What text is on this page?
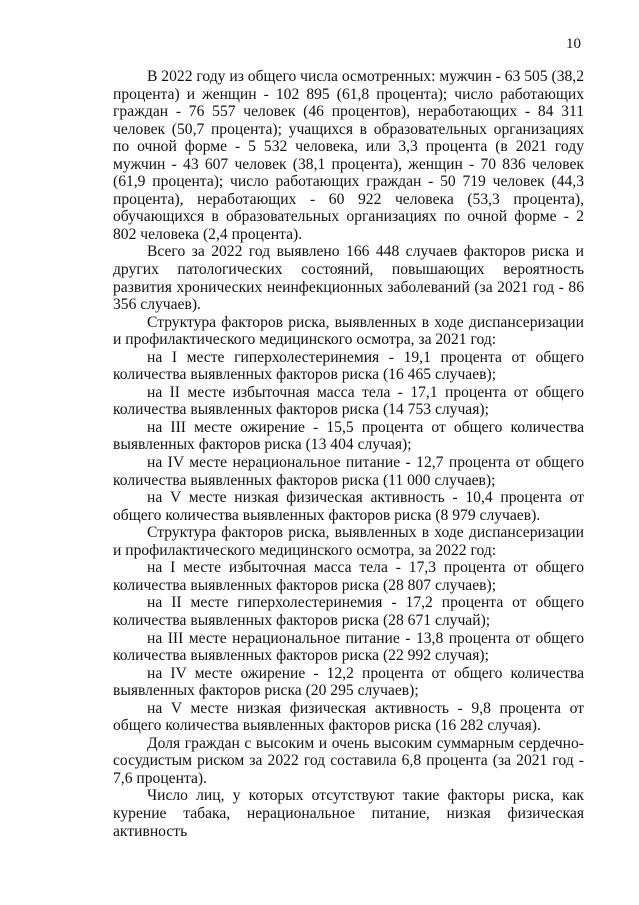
10

В 2022 году из общего числа осмотренных: мужчин - 63 505 (38,2 процента) и женщин - 102 895 (61,8 процента); число работающих граждан - 76 557 человек (46 процентов), неработающих - 84 311 человек (50,7 процента); учащихся в образовательных организациях по очной форме - 5 532 человека, или 3,3 процента (в 2021 году мужчин - 43 607 человек (38,1 процента), женщин - 70 836 человек (61,9 процента); число работающих граждан - 50 719 человек (44,3 процента), неработающих - 60 922 человека (53,3 процента), обучающихся в образовательных организациях по очной форме - 2 802 человека (2,4 процента).

Всего за 2022 год выявлено 166 448 случаев факторов риска и других патологических состояний, повышающих вероятность развития хронических неинфекционных заболеваний (за 2021 год - 86 356 случаев).

Структура факторов риска, выявленных в ходе диспансеризации и профилактического медицинского осмотра, за 2021 год:

на I месте гиперхолестеринемия - 19,1 процента от общего количества выявленных факторов риска (16 465 случаев);

на II месте избыточная масса тела - 17,1 процента от общего количества выявленных факторов риска (14 753 случая);

на III месте ожирение - 15,5 процента от общего количества выявленных факторов риска (13 404 случая);

на IV месте нерациональное питание - 12,7 процента от общего количества выявленных факторов риска (11 000 случаев);

на V месте низкая физическая активность - 10,4 процента от общего количества выявленных факторов риска (8 979 случаев).

Структура факторов риска, выявленных в ходе диспансеризации и профилактического медицинского осмотра, за 2022 год:

на I месте избыточная масса тела - 17,3 процента от общего количества выявленных факторов риска (28 807 случаев);

на II месте гиперхолестеринемия - 17,2 процента от общего количества выявленных факторов риска (28 671 случай);

на III месте нерациональное питание - 13,8 процента от общего количества выявленных факторов риска (22 992 случая);

на IV месте ожирение - 12,2 процента от общего количества выявленных факторов риска (20 295 случаев);

на V месте низкая физическая активность - 9,8 процента от общего количества выявленных факторов риска (16 282 случая).

Доля граждан с высоким и очень высоким суммарным сердечно-сосудистым риском за 2022 год составила 6,8 процента (за 2021 год - 7,6 процента).

Число лиц, у которых отсутствуют такие факторы риска, как курение табака, нерациональное питание, низкая физическая активность
